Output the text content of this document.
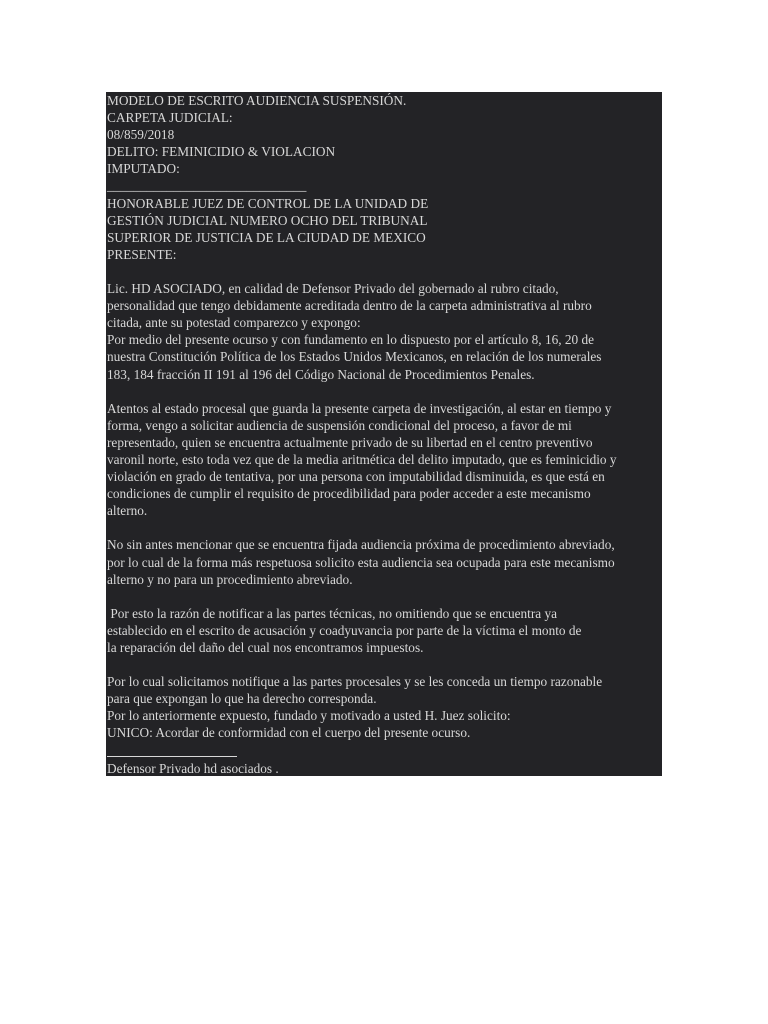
MODELO DE ESCRITO AUDIENCIA SUSPENSIÓN.
CARPETA JUDICIAL:
08/859/2018
DELITO: FEMINICIDIO & VIOLACION
IMPUTADO:
______________________________
HONORABLE JUEZ DE CONTROL DE LA UNIDAD DE
GESTIÓN JUDICIAL NUMERO OCHO DEL TRIBUNAL
SUPERIOR DE JUSTICIA DE LA CIUDAD DE MEXICO
PRESENTE:
Lic. HD ASOCIADO, en calidad de Defensor Privado del gobernado al rubro citado,
personalidad que tengo debidamente acreditada dentro de la carpeta administrativa al rubro
citada, ante su potestad comparezco y expongo:
Por medio del presente ocurso y con fundamento en lo dispuesto por el artículo 8, 16, 20 de
nuestra Constitución Política de los Estados Unidos Mexicanos, en relación de los numerales
183, 184 fracción II 191 al 196 del Código Nacional de Procedimientos Penales.
Atentos al estado procesal que guarda la presente carpeta de investigación, al estar en tiempo y
forma, vengo a solicitar audiencia de suspensión condicional del proceso, a favor de mi
representado, quien se encuentra actualmente privado de su libertad en el centro preventivo
varonil norte, esto toda vez que de la media aritmética del delito imputado, que es feminicidio y
violación en grado de tentativa, por una persona con imputabilidad disminuida, es que está en
condiciones de cumplir el requisito de procedibilidad para poder acceder a este mecanismo
alterno.
No sin antes mencionar que se encuentra fijada audiencia próxima de procedimiento abreviado,
por lo cual de la forma más respetuosa solicito esta audiencia sea ocupada para este mecanismo
alterno y no para un procedimiento abreviado.
Por esto la razón de notificar a las partes técnicas, no omitiendo que se encuentra ya
establecido en el escrito de acusación y coadyuvancia por parte de la víctima el monto de
la reparación del daño del cual nos encontramos impuestos.
Por lo cual solicitamos notifique a las partes procesales y se les conceda un tiempo razonable
para que expongan lo que ha derecho corresponda.
Por lo anteriormente expuesto, fundado y motivado a usted H. Juez solicito:
UNICO: Acordar de conformidad con el cuerpo del presente ocurso.
Defensor Privado hd asociados .
